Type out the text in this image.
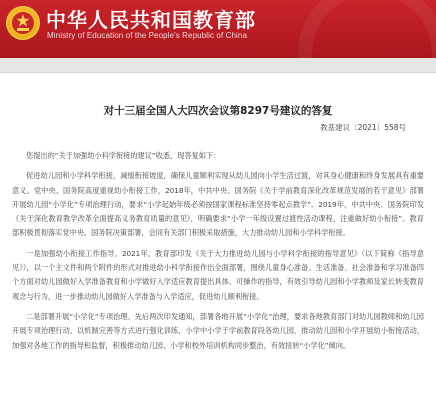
中华人民共和国教育部
Ministry of Education of the People's Republic of China
对十三届全国人大四次会议第8297号建议的答复
教基建议〔2021〕558号

您提出的“关于加强幼小科学衔接的建议”收悉，现答复如下：

促进幼儿园和小学科学衔接，减缓衔接坡度，确保儿童顺利实现从幼儿园向小学生活过渡，对其身心健康和终身发展具有重要意义。党中央、国务院高度重视幼小衔接工作，2018年，中共中央、国务院《关于学前教育深化改革规范发展的若干意见》部署开展幼儿园“小学化”专项治理行动，要求“小学起始年级必须按国家课程标准坚持零起点教学”。2019年，中共中央、国务院印发《关于深化教育教学改革全面提高义务教育质量的意见》，明确要求“小学一年级设置过渡性活动课程，注重做好幼小衔接”。教育部积极贯彻落实党中央、国务院决策部署，会同有关部门积极采取措施，大力推动幼儿园和小学科学衔接。

一是加强幼小衔接工作指导。2021年，教育部印发《关于大力推进幼儿园与小学科学衔接的指导意见》（以下简称《指导意见》），以一个主文件和两个附件的形式对推进幼小科学衔接作出全面部署，围绕儿童身心准备、生活准备、社会准备和学习准备四个方面对幼儿园做好入学准备教育和小学做好入学适应教育提出具体、可操作的指导，有效引导幼儿园和小学教师及家长转变教育观念与行为，进一步推动幼儿园做好入学准备与入学适应，促进幼儿顺利衔接。

二是部署开展“小学化”专项治理。先后两次印发通知，部署各地开展“小学化”治理，要求各地教育部门对幼儿园教师和幼儿园开展专项治理行动，以机制完善等方式进行强化训练，小学中小学于学前教育段各幼儿园，推动幼儿园和小学开展幼小衔接活动，加强对各地工作的指导和监督，积极推动幼儿园、小学和校外培训机构同步整治，有效扭转“小学化”倾向。
